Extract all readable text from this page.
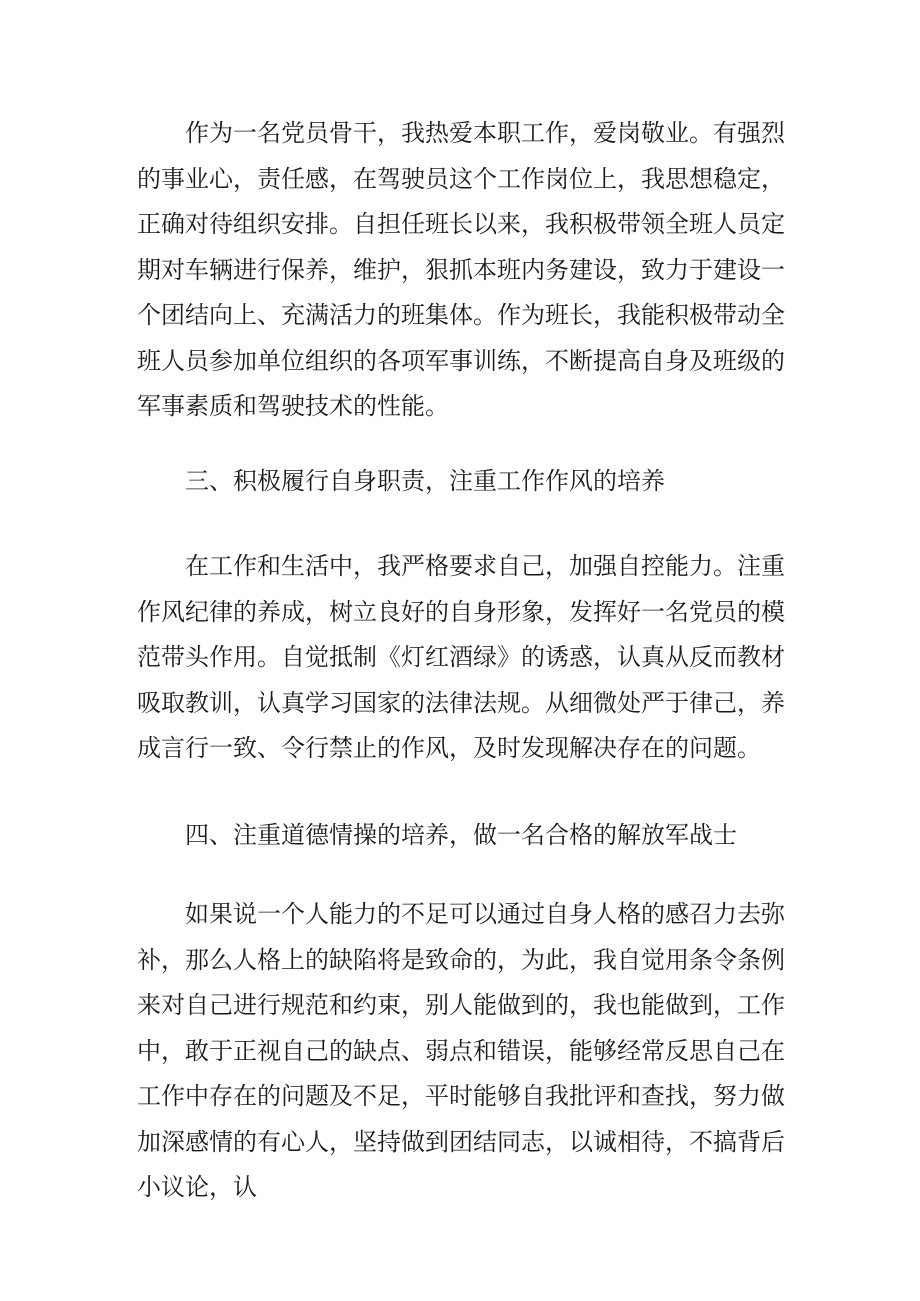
作为一名党员骨干，我热爱本职工作，爱岗敬业。有强烈的事业心，责任感，在驾驶员这个工作岗位上，我思想稳定，正确对待组织安排。自担任班长以来，我积极带领全班人员定期对车辆进行保养，维护，狠抓本班内务建设，致力于建设一个团结向上、充满活力的班集体。作为班长，我能积极带动全班人员参加单位组织的各项军事训练，不断提高自身及班级的军事素质和驾驶技术的性能。

三、积极履行自身职责，注重工作作风的培养

在工作和生活中，我严格要求自己，加强自控能力。注重作风纪律的养成，树立良好的自身形象，发挥好一名党员的模范带头作用。自觉抵制《灯红酒绿》的诱惑，认真从反而教材吸取教训，认真学习国家的法律法规。从细微处严于律己，养成言行一致、令行禁止的作风，及时发现解决存在的问题。

四、注重道德情操的培养，做一名合格的解放军战士

如果说一个人能力的不足可以通过自身人格的感召力去弥补，那么人格上的缺陷将是致命的，为此，我自觉用条令条例来对自己进行规范和约束，别人能做到的，我也能做到，工作中，敢于正视自己的缺点、弱点和错误，能够经常反思自己在工作中存在的问题及不足，平时能够自我批评和查找，努力做加深感情的有心人，坚持做到团结同志，以诚相待，不搞背后小议论，认
